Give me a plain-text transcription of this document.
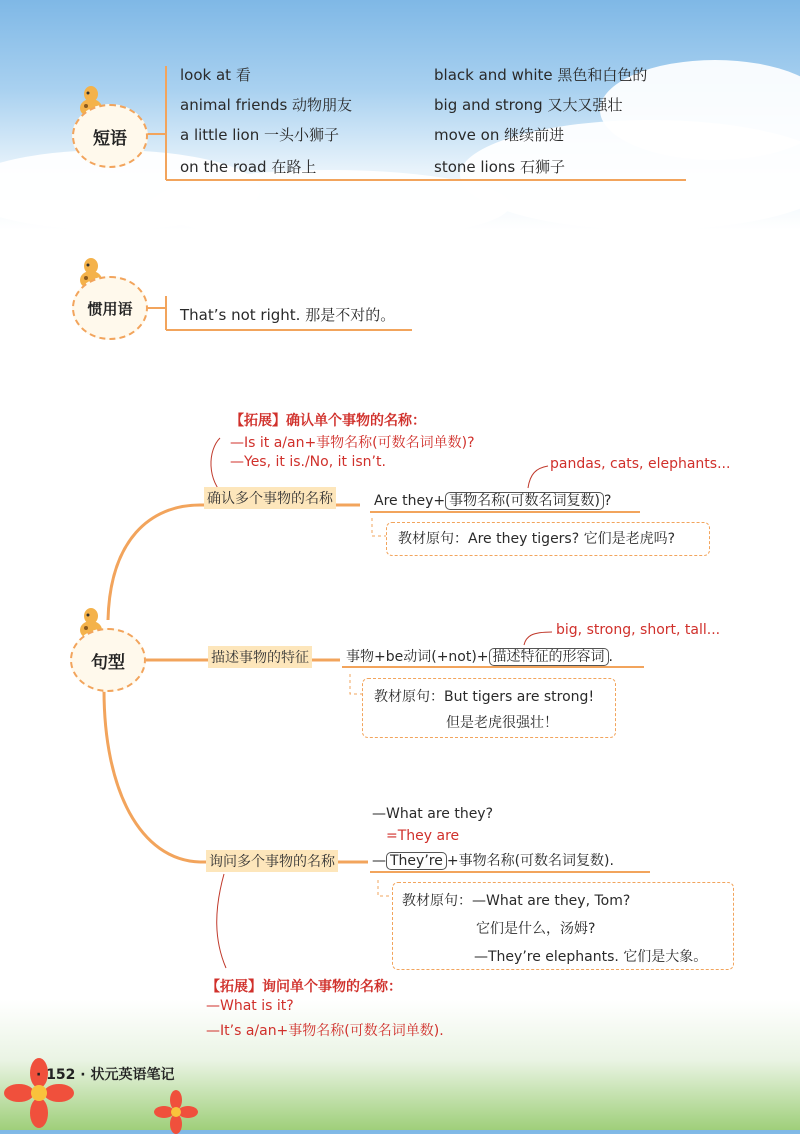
短语
look at 看
animal friends 动物朋友
a little lion 一头小狮子
on the road 在路上
black and white 黑色和白色的
big and strong 又大又强壮
move on 继续前进
stone lions 石狮子
惯用语	That’s not right. 那是不对的。
句型
【拓展】确认单个事物的名称：
—Is it a/an+事物名称(可数名词单数)?
—Yes, it is./No, it isn’t.
确认多个事物的名称
pandas, cats, elephants...
Are they+ 事物名称(可数名词复数) ?
教材原句：Are they tigers? 它们是老虎吗?
描述事物的特征
big, strong, short, tall...
事物+be动词(+not)+ 描述特征的形容词 .
教材原句：But tigers are strong!
但是老虎很强壮！
—What are they?
=They are
询问多个事物的名称	— They’re +事物名称(可数名词复数).
教材原句：—What are they, Tom?
它们是什么，汤姆?
—They’re elephants. 它们是大象。
【拓展】询问单个事物的名称：
—What is it?
—It’s a/an+事物名称(可数名词单数).
· 152 · 状元英语笔记
